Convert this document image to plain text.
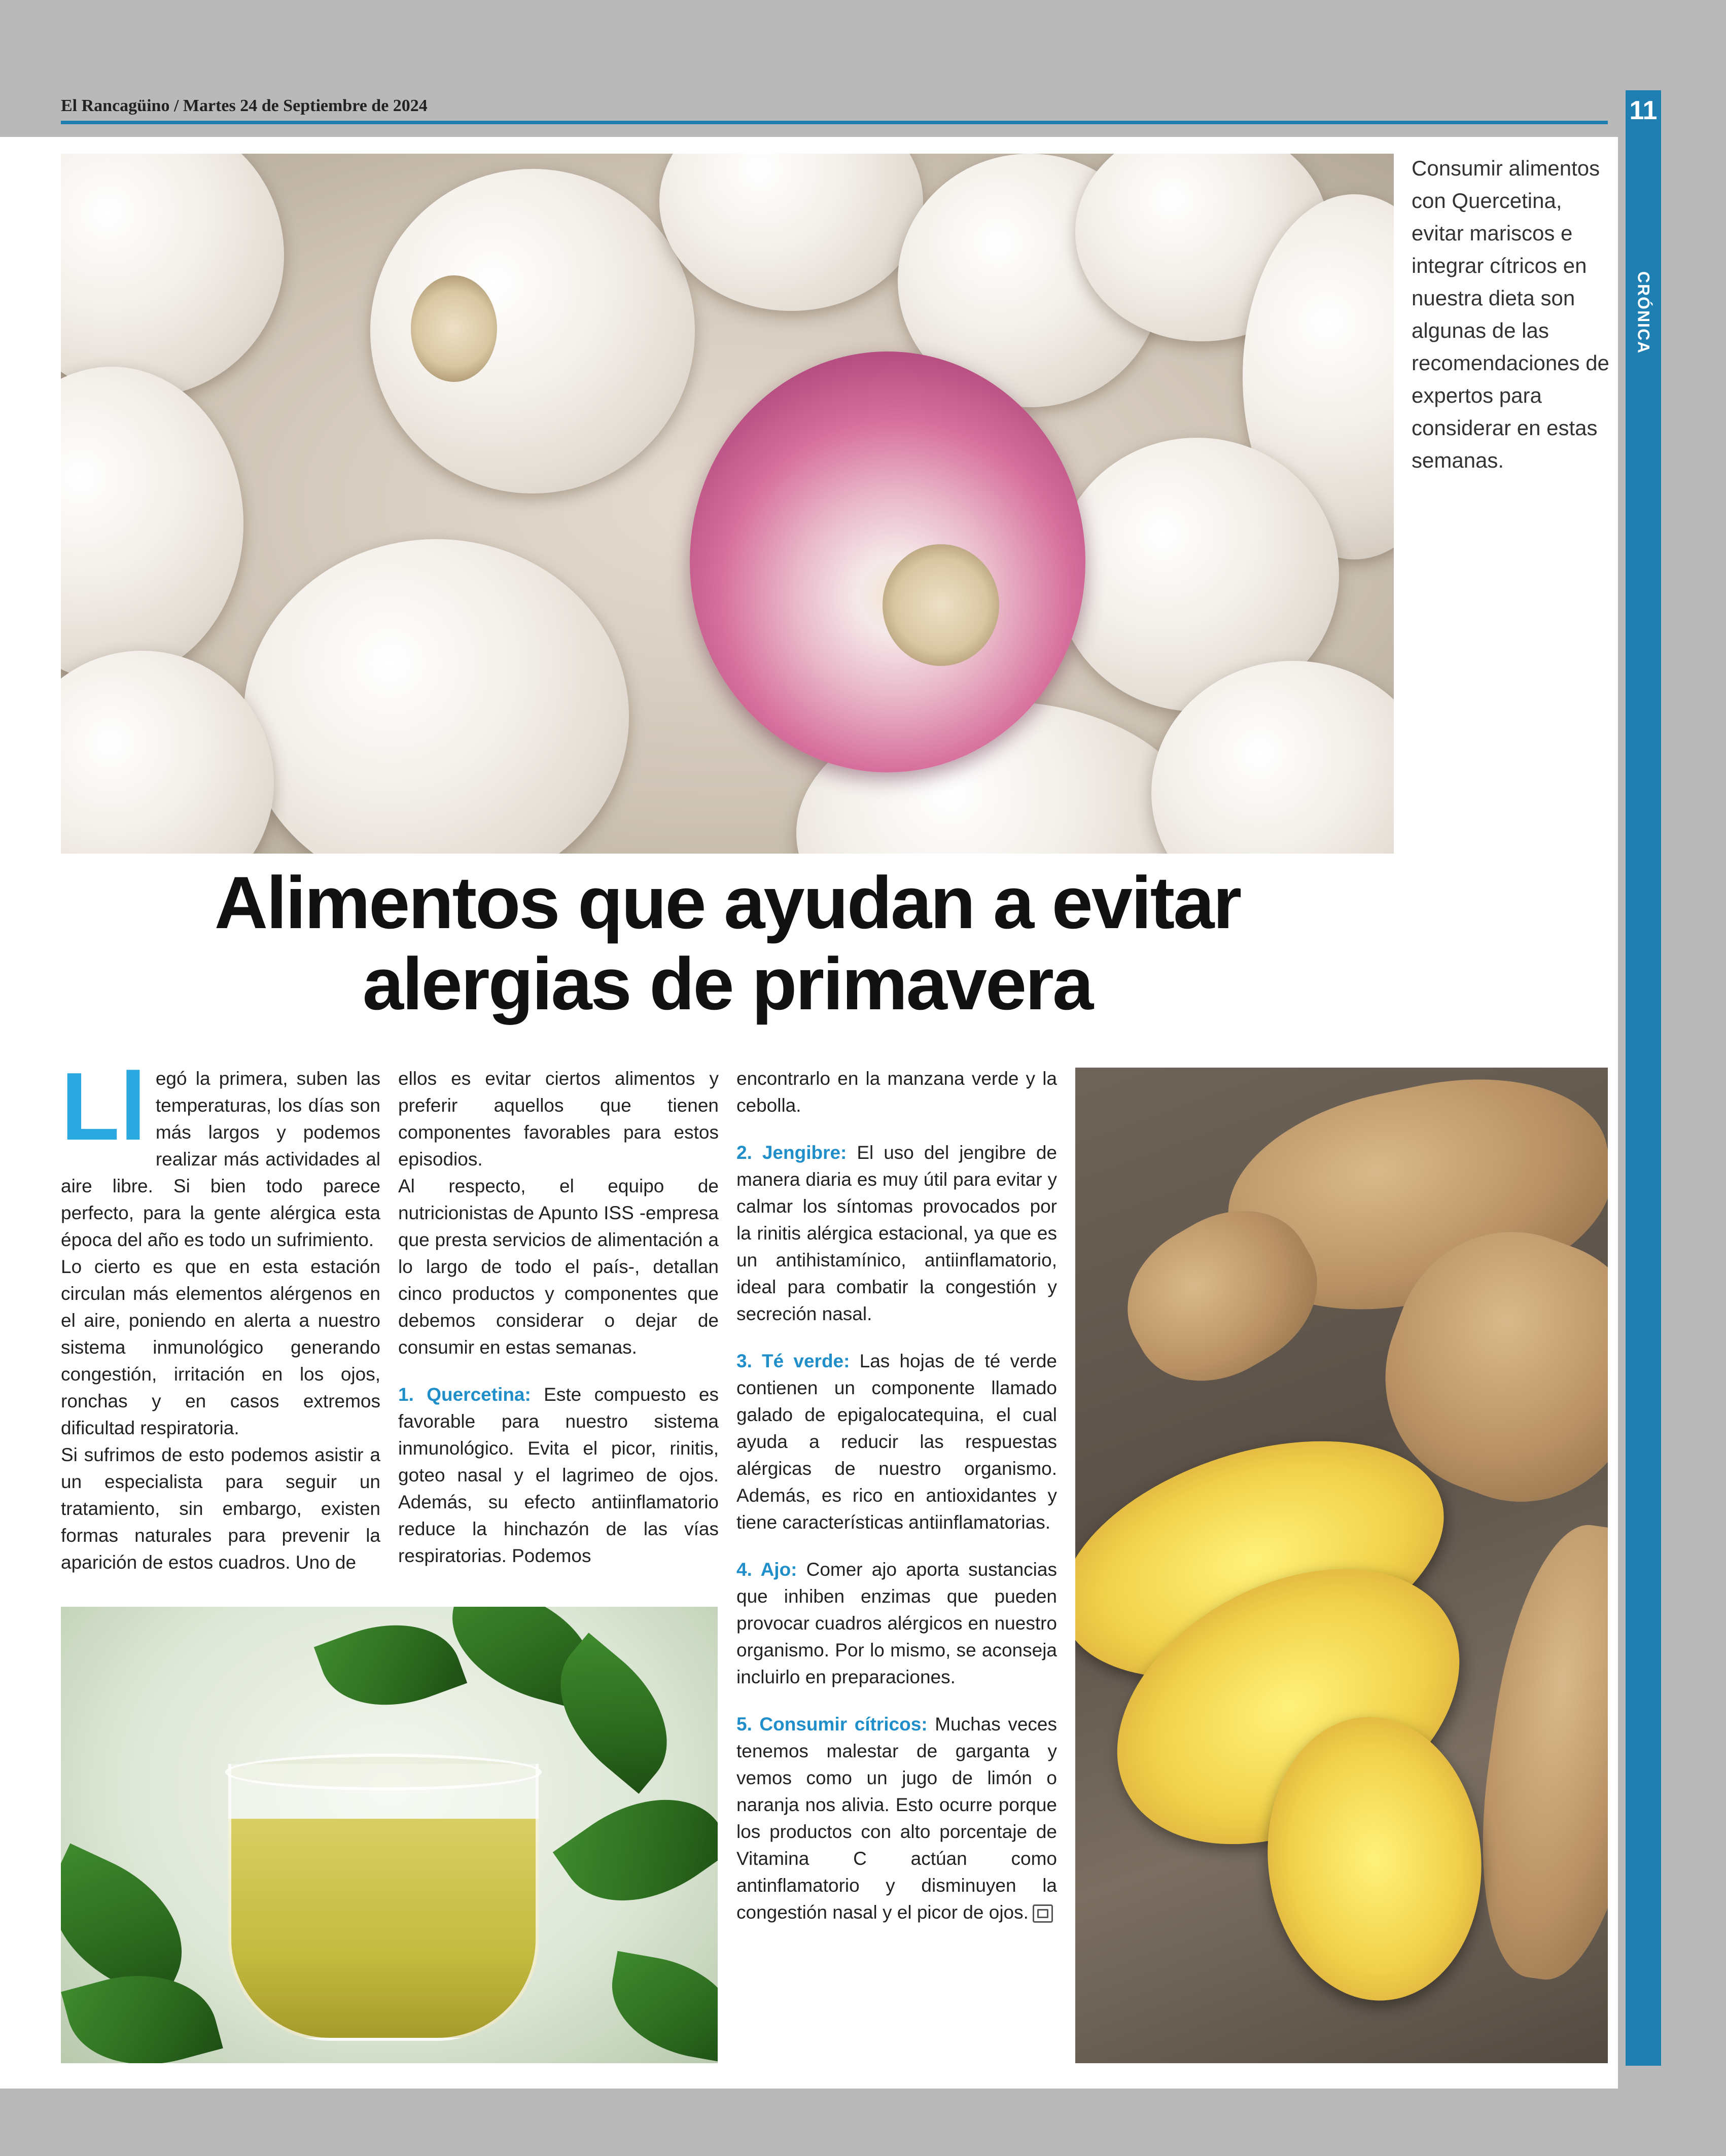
El Rancagüino / Martes 24 de Septiembre de 2024	11
CRÓNICA

Consumir alimentos con Quercetina, evitar mariscos e integrar cítricos en nuestra dieta son algunas de las recomendaciones de expertos para considerar en estas semanas.

Alimentos que ayudan a evitar
alergias de primavera

Ll egó la primera, suben las temperaturas, los días son más largos y podemos realizar más actividades al aire libre. Si bien todo parece perfecto, para la gente alérgica esta época del año es todo un sufrimiento.

Lo cierto es que en esta estación circulan más elementos alérgenos en el aire, poniendo en alerta a nuestro sistema inmunológico generando congestión, irritación en los ojos, ronchas y en casos extremos dificultad respiratoria.

Si sufrimos de esto podemos asistir a un especialista para seguir un tratamiento, sin embargo, existen formas naturales para prevenir la aparición de estos cuadros. Uno de

ellos es evitar ciertos alimentos y preferir aquellos que tienen componentes favorables para estos episodios.

Al respecto, el equipo de nutricionistas de Apunto ISS -empresa que presta servicios de alimentación a lo largo de todo el país-, detallan cinco productos y componentes que debemos considerar o dejar de consumir en estas semanas.

1. Quercetina: Este compuesto es favorable para nuestro sistema inmunológico. Evita el picor, rinitis, goteo nasal y el lagrimeo de ojos. Además, su efecto antiinflamatorio reduce la hinchazón de las vías respiratorias. Podemos

encontrarlo en la manzana verde y la cebolla.

2. Jengibre: El uso del jengibre de manera diaria es muy útil para evitar y calmar los síntomas provocados por la rinitis alérgica estacional, ya que es un antihistamínico, antiinflamatorio, ideal para combatir la congestión y secreción nasal.

3. Té verde: Las hojas de té verde contienen un componente llamado galado de epigalocatequina, el cual ayuda a reducir las respuestas alérgicas de nuestro organismo. Además, es rico en antioxidantes y tiene características antiinflamatorias.

4. Ajo: Comer ajo aporta sustancias que inhiben enzimas que pueden provocar cuadros alérgicos en nuestro organismo. Por lo mismo, se aconseja incluirlo en preparaciones.

5. Consumir cítricos: Muchas veces tenemos malestar de garganta y vemos como un jugo de limón o naranja nos alivia. Esto ocurre porque los productos con alto porcentaje de Vitamina C actúan como antinflamatorio y disminuyen la congestión nasal y el picor de ojos.
